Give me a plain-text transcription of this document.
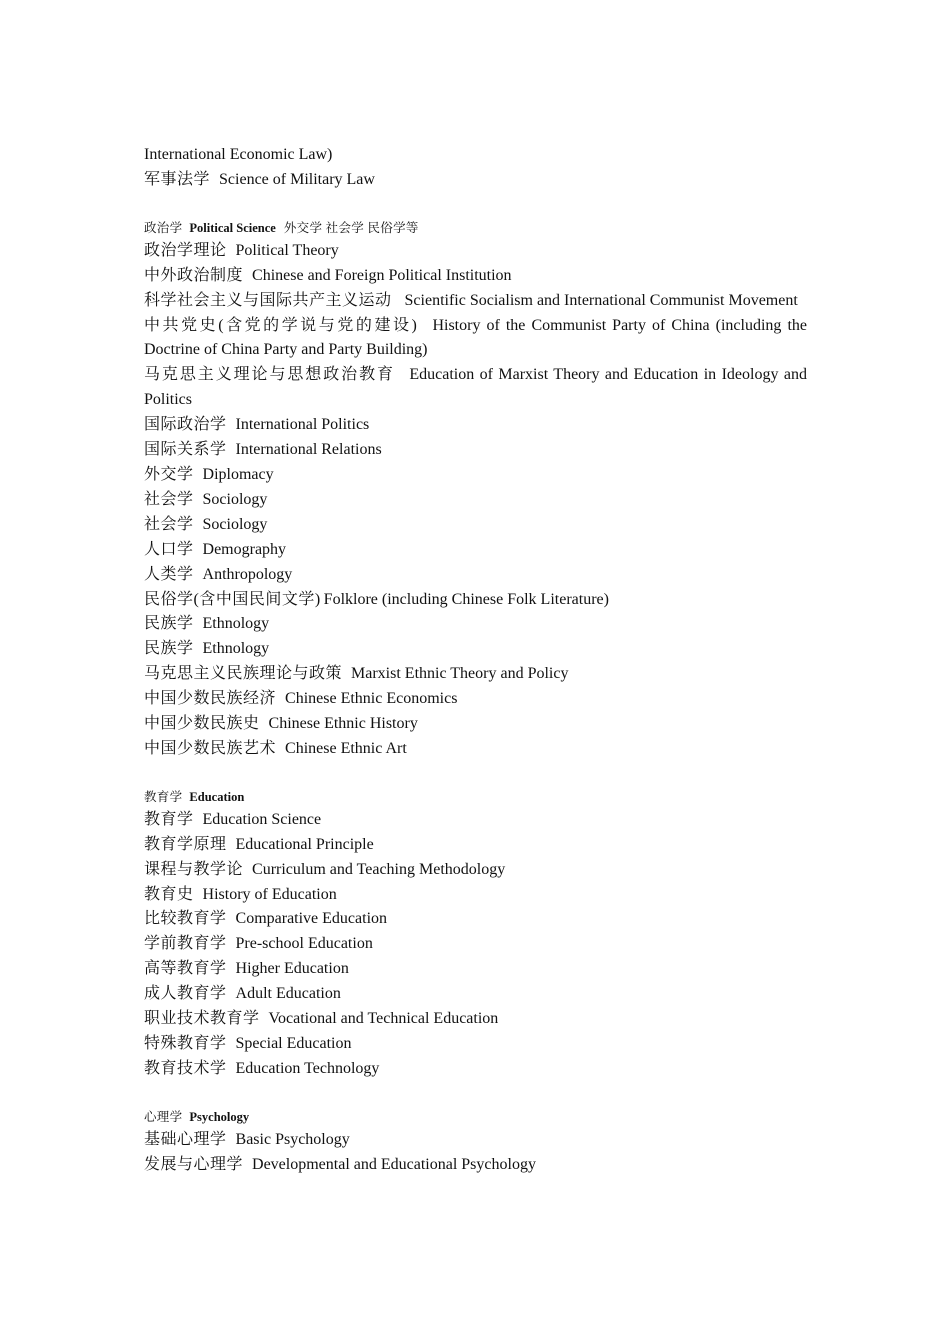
International Economic Law)
军事法学 Science of Military Law
政治学 Political Science 外交学 社会学 民俗学等
政治学理论 Political Theory
中外政治制度 Chinese and Foreign Political Institution
科学社会主义与国际共产主义运动 Scientific Socialism and International Communist Movement
中共党史(含党的学说与党的建设) History of the Communist Party of China (including the Doctrine of China Party and Party Building)
马克思主义理论与思想政治教育 Education of Marxist Theory and Education in Ideology and Politics
国际政治学 International Politics
国际关系学 International Relations
外交学 Diplomacy
社会学 Sociology
社会学 Sociology
人口学 Demography
人类学 Anthropology
民俗学(含中国民间文学) Folklore (including Chinese Folk Literature)
民族学 Ethnology
民族学 Ethnology
马克思主义民族理论与政策 Marxist Ethnic Theory and Policy
中国少数民族经济 Chinese Ethnic Economics
中国少数民族史 Chinese Ethnic History
中国少数民族艺术 Chinese Ethnic Art
教育学 Education
教育学 Education Science
教育学原理 Educational Principle
课程与教学论 Curriculum and Teaching Methodology
教育史 History of Education
比较教育学 Comparative Education
学前教育学 Pre-school Education
高等教育学 Higher Education
成人教育学 Adult Education
职业技术教育学 Vocational and Technical Education
特殊教育学 Special Education
教育技术学 Education Technology
心理学 Psychology
基础心理学 Basic Psychology
发展与心理学 Developmental and Educational Psychology
